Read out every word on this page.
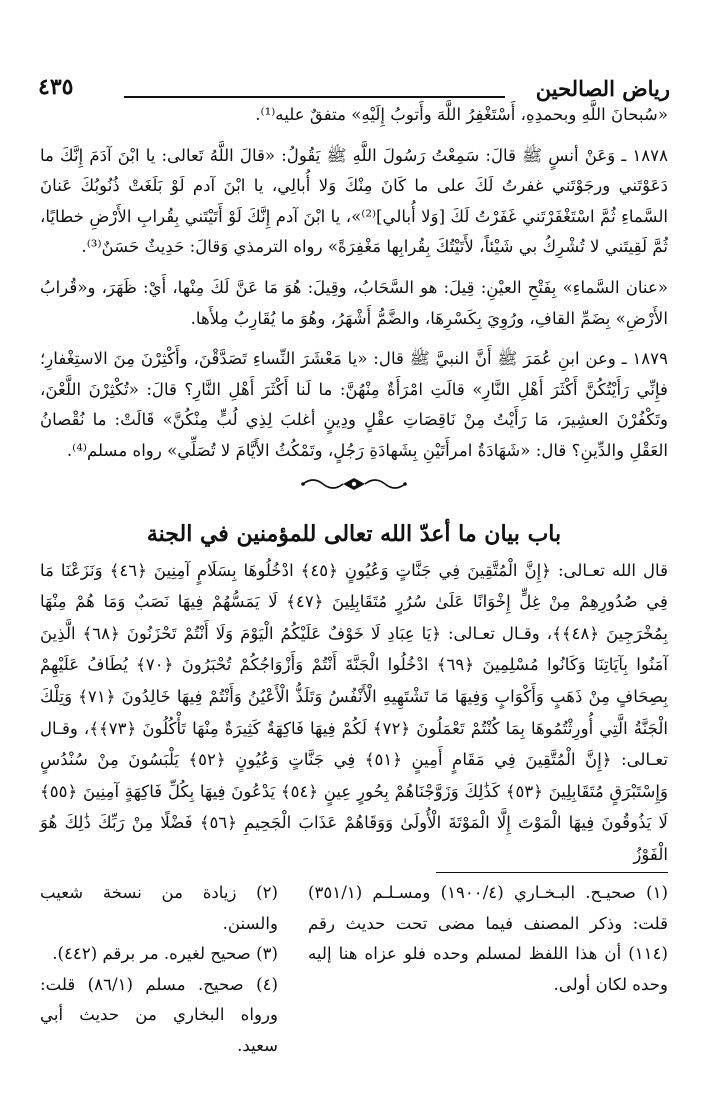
رياض الصالحين
٤٣٥

«سُبحانَ اللَّهِ وبحمدِهِ، أَسْتَغْفِرُ اللَّهَ وأَتوبُ إِلَيْهِ» متفقٌ عليه⁽¹⁾.

١٨٧٨ ـ وَعَنْ أنسٍ ﷺ قالَ: سَمِعْتُ رَسُولَ اللَّهِ ﷺ يَقُولُ: «قالَ اللَّهُ تَعالى: يا ابْنَ آدَمَ إِنَّكَ ما دَعَوْتَني ورجَوْتَني غفرتُ لَكَ على ما كَانَ مِنْكَ وَلا أُبالِي، يا ابْنَ آدم لَوْ بَلَغَتْ ذُنُوبُكَ عَنانَ السَّماءِ ثُمَّ اسْتَغْفَرْتَني غَفَرْتُ لَكَ [وَلا أُبالي]⁽²⁾»، يا ابْنَ آدم إِنَّكَ لَوْ أَتَيْتَني بِقُرابِ الأَرْضِ خطايًا، ثُمَّ لَقِيتَني لا تُشْرِكُ بي شَيْئاً، لأَتَيْتُكَ بِقُرابِها مَغْفِرَةً» رواه الترمذي وَقالَ: حَدِيثٌ حَسَنٌ⁽³⁾.

«عنان السَّماءِ» بِفَتْحِ العيْنِ: قِيلَ: هو السَّحَابُ، وقِيلَ: هُوَ مَا عَنَّ لَكَ مِنْها، أَيْ: ظَهَرَ، و«قُرابُ الأَرْضِ» بِضَمِّ القافِ، ورُوِيَ بِكَسْرِهَا، والضَّمُّ أَشْهَرُ، وهُوَ ما يُقَارِبُ مِلأَها.

١٨٧٩ ـ وعن ابنِ عُمَرَ ﷺ أَنَّ النبيَّ ﷺ قال: «يا مَعْشَرَ النِّساءِ تَصَدَّقْنَ، وأَكْثِرْنَ مِنَ الاستِغْفارِ؛ فإِنِّي رَأَيْتُكُنَّ أَكْثَرَ أَهْلِ النَّارِ» قالَتِ امْرَأَةٌ مِنْهُنَّ: ما لَنا أَكْثَرَ أَهْلِ النَّارِ؟ قالَ: «تُكْثِرْنَ اللَّعْنَ، وتَكْفُرْنَ العشِيرَ، مَا رَأَيْتُ مِنْ نَاقِصَاتِ عقْلٍ ودِينٍ أغلبَ لِذِي لُبٍّ مِنْكُنَّ» قَالَتْ: ما نُقْصانُ العَقْلِ والدِّينِ؟ قال: «شَهَادَةُ امرأَتَيْنِ بِشَهادَةِ رَجُلٍ، وتَمْكُثُ الأَيَّامَ لا تُصَلِّي» رواه مسلم⁽⁴⁾.

باب بيان ما أعدّ الله تعالى للمؤمنين في الجنة

قال الله تعـالى: ﴿إِنَّ الْمُتَّقِينَ فِي جَنَّاتٍ وَعُيُونٍ ﴿٤٥﴾ ادْخُلُوهَا بِسَلَامٍ آمِنِينَ ﴿٤٦﴾ وَنَزَعْنَا مَا فِي صُدُورِهِمْ مِنْ غِلٍّ إِخْوَانًا عَلَىٰ سُرُرٍ مُتَقَابِلِينَ ﴿٤٧﴾ لَا يَمَسُّهُمْ فِيهَا نَصَبٌ وَمَا هُمْ مِنْهَا بِمُخْرَجِينَ ﴿٤٨﴾﴾، وقـال تعـالى: ﴿يَا عِبَادِ لَا خَوْفٌ عَلَيْكُمُ الْيَوْمَ وَلَا أَنْتُمْ تَحْزَنُونَ ﴿٦٨﴾ الَّذِينَ آمَنُوا بِآيَاتِنَا وَكَانُوا مُسْلِمِينَ ﴿٦٩﴾ ادْخُلُوا الْجَنَّةَ أَنْتُمْ وَأَزْوَاجُكُمْ تُحْبَرُونَ ﴿٧٠﴾ يُطَافُ عَلَيْهِمْ بِصِحَافٍ مِنْ ذَهَبٍ وَأَكْوَابٍ وَفِيهَا مَا تَشْتَهِيهِ الْأَنْفُسُ وَتَلَذُّ الْأَعْيُنُ وَأَنْتُمْ فِيهَا خَالِدُونَ ﴿٧١﴾ وَتِلْكَ الْجَنَّةُ الَّتِي أُورِثْتُمُوهَا بِمَا كُنْتُمْ تَعْمَلُونَ ﴿٧٢﴾ لَكُمْ فِيهَا فَاكِهَةٌ كَثِيرَةٌ مِنْهَا تَأْكُلُونَ ﴿٧٣﴾﴾، وقـال تعـالى: ﴿إِنَّ الْمُتَّقِينَ فِي مَقَامٍ أَمِينٍ ﴿٥١﴾ فِي جَنَّاتٍ وَعُيُونٍ ﴿٥٢﴾ يَلْبَسُونَ مِنْ سُنْدُسٍ وَإِسْتَبْرَقٍ مُتَقَابِلِينَ ﴿٥٣﴾ كَذَٰلِكَ وَزَوَّجْنَاهُمْ بِحُورٍ عِينٍ ﴿٥٤﴾ يَدْعُونَ فِيهَا بِكُلِّ فَاكِهَةٍ آمِنِينَ ﴿٥٥﴾ لَا يَذُوقُونَ فِيهَا الْمَوْتَ إِلَّا الْمَوْتَةَ الْأُولَىٰ وَوَقَاهُمْ عَذَابَ الْجَحِيمِ ﴿٥٦﴾ فَضْلًا مِنْ رَبِّكَ ذَٰلِكَ هُوَ الْفَوْزُ

(١) صحيـح. البـخـاري (١٩٠٠/٤) ومسـلـم (٣٥١/١) قلت: وذكر المصنف فيما مضى تحت حديث رقم (١١٤) أن هذا اللفظ لمسلم وحده فلو عزاه هنا إليه وحده لكان أولى.

(٢) زيادة من نسخة شعيب والسنن.

(٣) صحيح لغيره. مر برقم (٤٤٢).

(٤) صحيح. مسلم (٨٦/١) قلت: ورواه البخاري من حديث أبي سعيد.
